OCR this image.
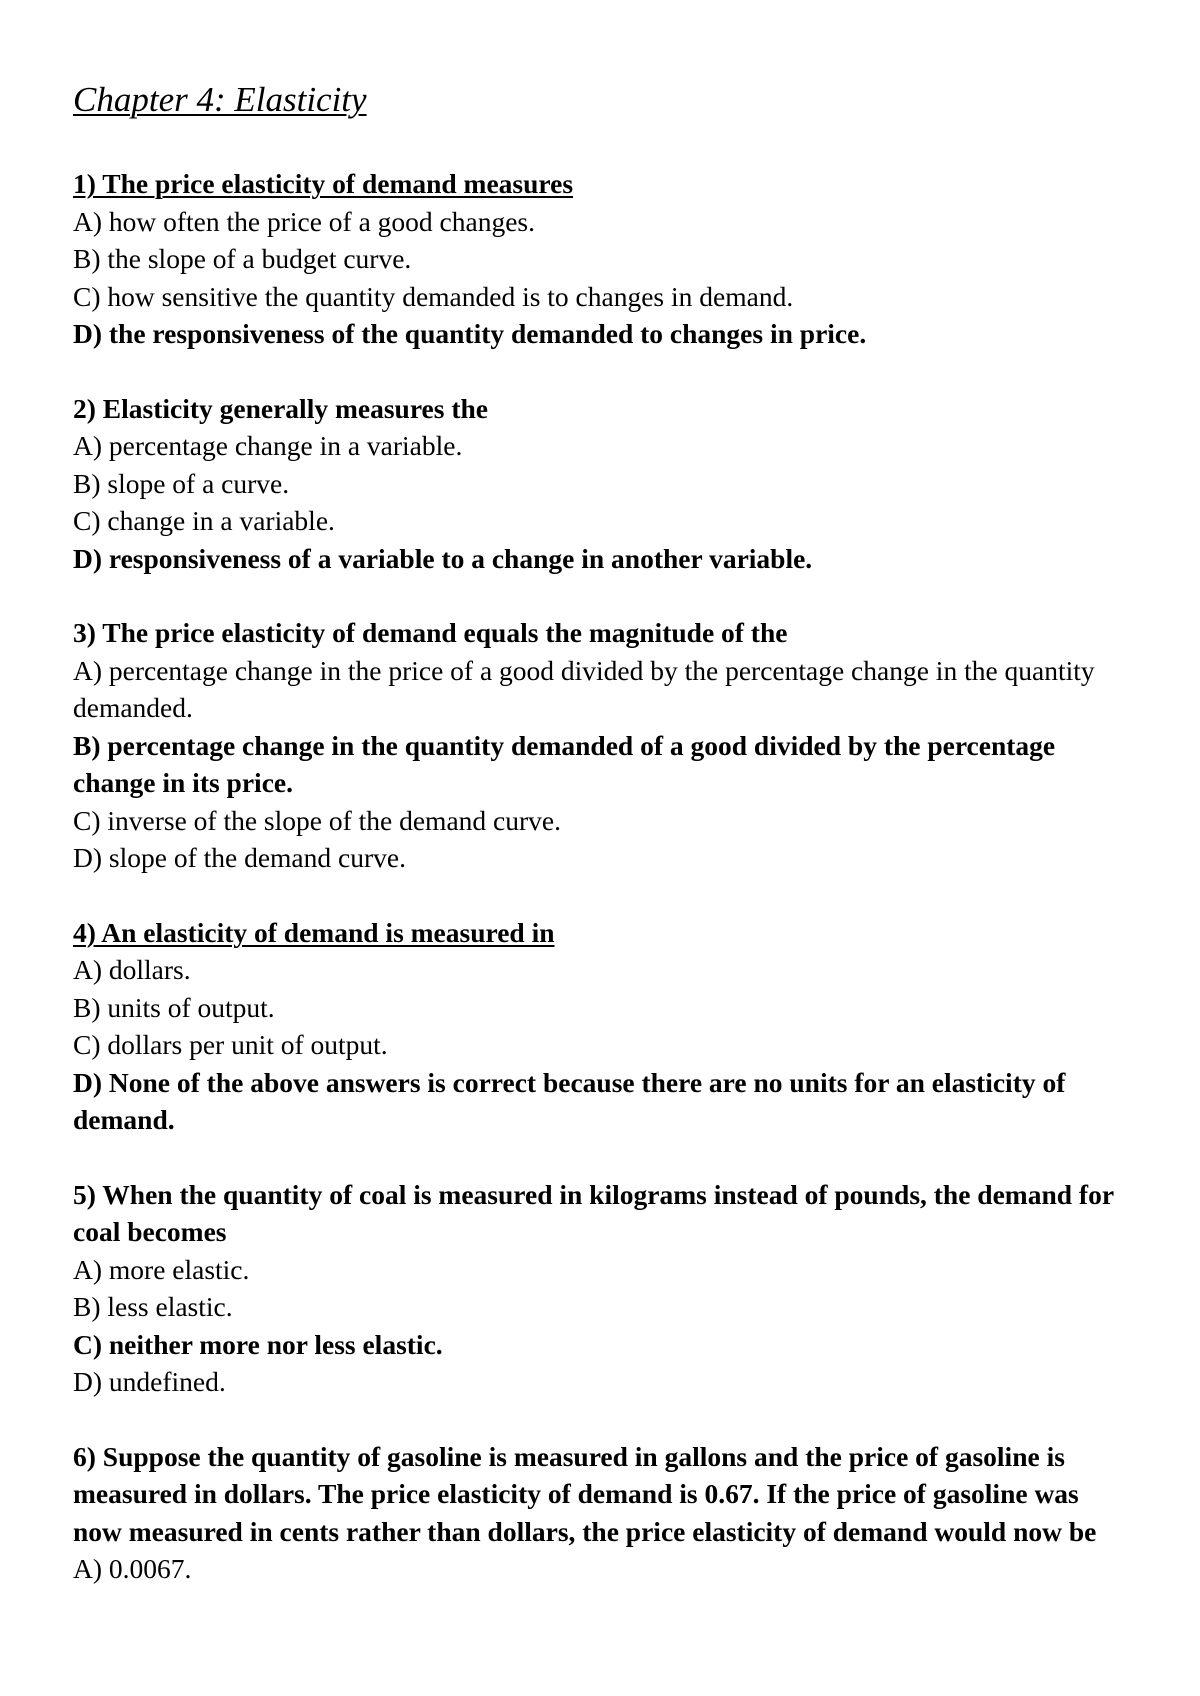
Chapter 4: Elasticity

1) The price elasticity of demand measures

A) how often the price of a good changes.

B) the slope of a budget curve.

C) how sensitive the quantity demanded is to changes in demand.

D) the responsiveness of the quantity demanded to changes in price.

2) Elasticity generally measures the

A) percentage change in a variable.

B) slope of a curve.

C) change in a variable.

D) responsiveness of a variable to a change in another variable.

3) The price elasticity of demand equals the magnitude of the

A) percentage change in the price of a good divided by the percentage change in the quantity demanded.

B) percentage change in the quantity demanded of a good divided by the percentage change in its price.

C) inverse of the slope of the demand curve.

D) slope of the demand curve.

4) An elasticity of demand is measured in

A) dollars.

B) units of output.

C) dollars per unit of output.

D) None of the above answers is correct because there are no units for an elasticity of demand.

5) When the quantity of coal is measured in kilograms instead of pounds, the demand for coal becomes

A) more elastic.

B) less elastic.

C) neither more nor less elastic.

D) undefined.

6) Suppose the quantity of gasoline is measured in gallons and the price of gasoline is measured in dollars. The price elasticity of demand is 0.67. If the price of gasoline was now measured in cents rather than dollars, the price elasticity of demand would now be

A) 0.0067.
